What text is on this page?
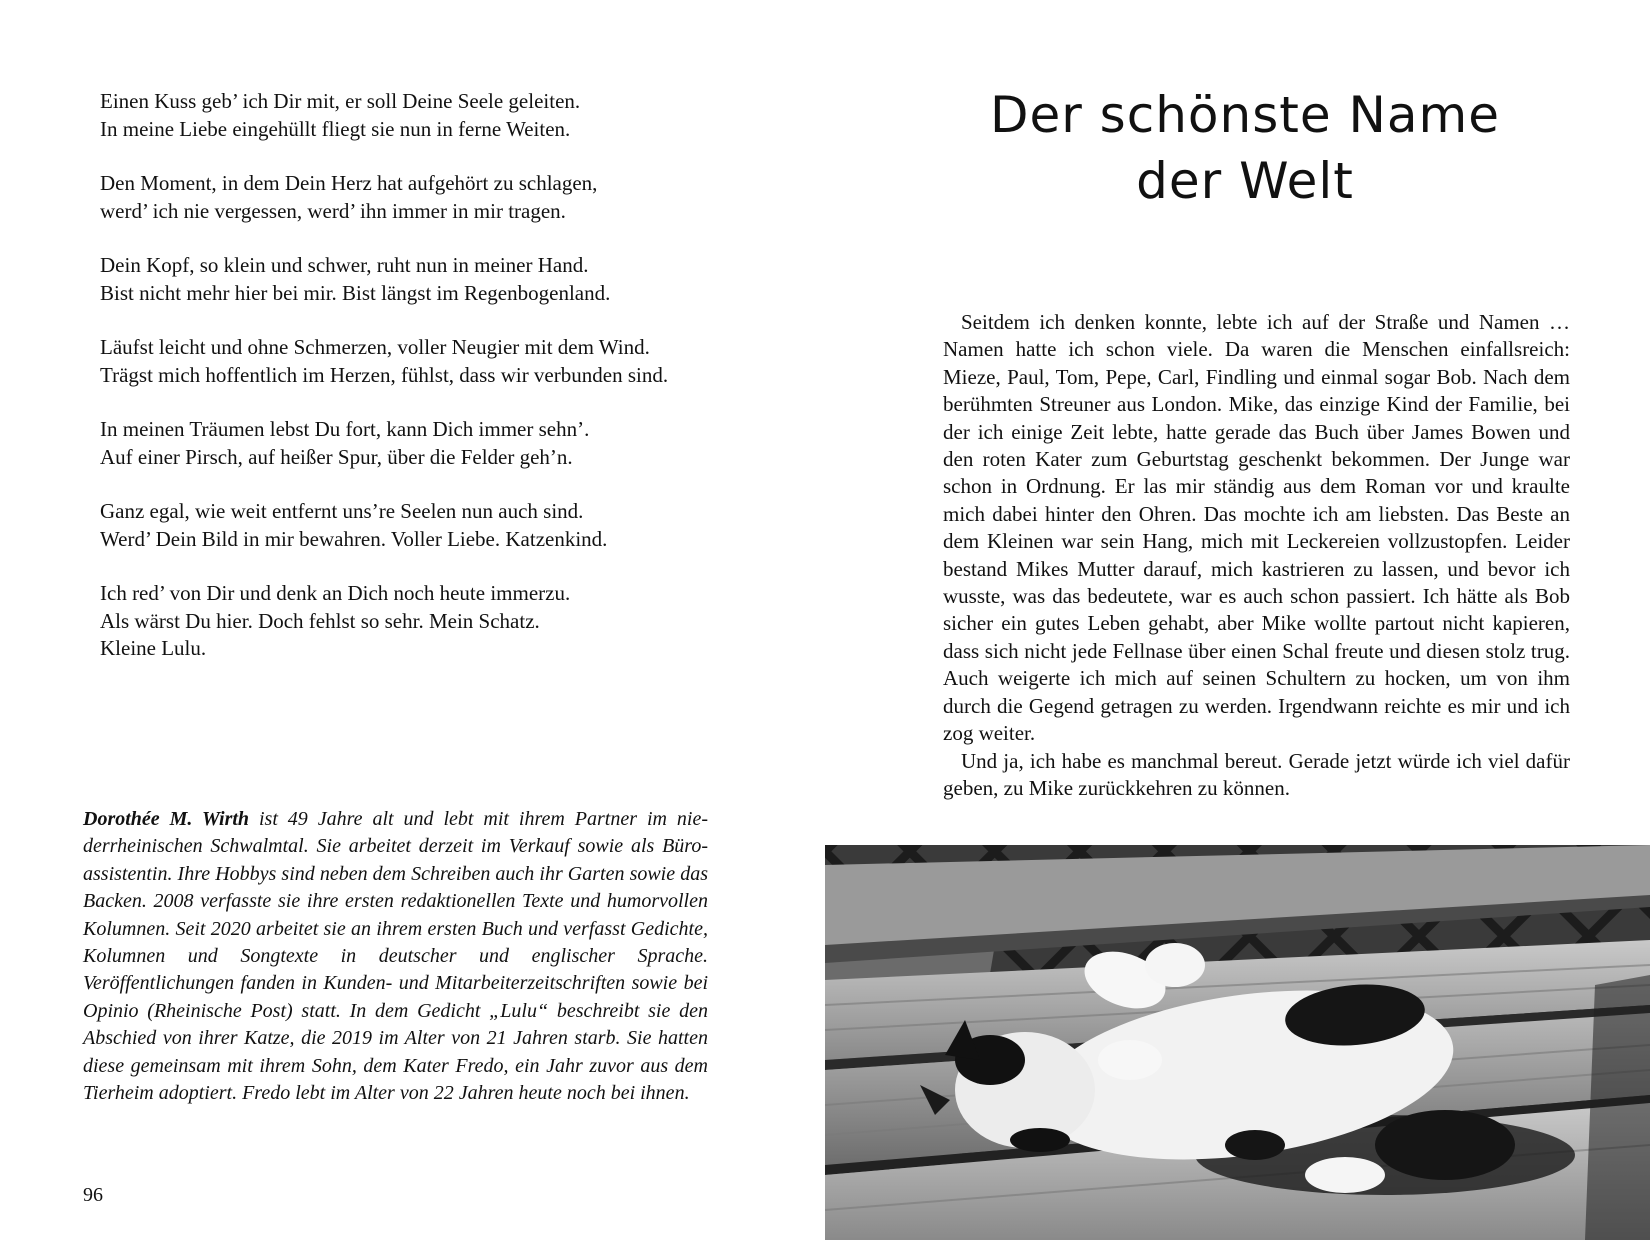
Einen Kuss geb’ ich Dir mit, er soll Deine Seele geleiten.
In meine Liebe eingehüllt fliegt sie nun in ferne Weiten.
Den Moment, in dem Dein Herz hat aufgehört zu schlagen,
werd’ ich nie vergessen, werd’ ihn immer in mir tragen.
Dein Kopf, so klein und schwer, ruht nun in meiner Hand.
Bist nicht mehr hier bei mir. Bist längst im Regenbogenland.
Läufst leicht und ohne Schmerzen, voller Neugier mit dem Wind.
Trägst mich hoffentlich im Herzen, fühlst, dass wir verbunden sind.
In meinen Träumen lebst Du fort, kann Dich immer sehn’.
Auf einer Pirsch, auf heißer Spur, über die Felder geh’n.
Ganz egal, wie weit entfernt uns’re Seelen nun auch sind.
Werd’ Dein Bild in mir bewahren. Voller Liebe. Katzenkind.
Ich red’ von Dir und denk an Dich noch heute immerzu.
Als wärst Du hier. Doch fehlst so sehr. Mein Schatz.
Kleine Lulu.
Dorothée M. Wirth ist 49 Jahre alt und lebt mit ihrem Partner im niederrheinischen Schwalmtal. Sie arbeitet derzeit im Verkauf sowie als Büroassistentin. Ihre Hobbys sind neben dem Schreiben auch ihr Garten sowie das Backen. 2008 verfasste sie ihre ersten redaktionellen Texte und humorvollen Kolumnen. Seit 2020 arbeitet sie an ihrem ersten Buch und verfasst Gedichte, Kolumnen und Songtexte in deutscher und englischer Sprache. Veröffentlichungen fanden in Kunden- und Mitarbeiterzeitschriften sowie bei Opinio (Rheinische Post) statt. In dem Gedicht „Lulu“ beschreibt sie den Abschied von ihrer Katze, die 2019 im Alter von 21 Jahren starb. Sie hatten diese gemeinsam mit ihrem Sohn, dem Kater Fredo, ein Jahr zuvor aus dem Tierheim adoptiert. Fredo lebt im Alter von 22 Jahren heute noch bei ihnen.
96
Der schönste Name
der Welt

Seitdem ich denken konnte, lebte ich auf der Straße und Namen … Namen hatte ich schon viele. Da waren die Menschen einfallsreich: Mieze, Paul, Tom, Pepe, Carl, Findling und einmal sogar Bob. Nach dem berühmten Streuner aus London. Mike, das einzige Kind der Familie, bei der ich einige Zeit lebte, hatte gerade das Buch über James Bowen und den roten Kater zum Geburtstag geschenkt bekommen. Der Junge war schon in Ordnung. Er las mir ständig aus dem Roman vor und kraulte mich dabei hinter den Ohren. Das mochte ich am liebsten. Das Beste an dem Kleinen war sein Hang, mich mit Leckereien vollzustopfen. Leider bestand Mikes Mutter darauf, mich kastrieren zu lassen, und bevor ich wusste, was das bedeutete, war es auch schon passiert. Ich hätte als Bob sicher ein gutes Leben gehabt, aber Mike wollte partout nicht kapieren, dass sich nicht jede Fellnase über einen Schal freute und diesen stolz trug. Auch weigerte ich mich auf seinen Schultern zu hocken, um von ihm durch die Gegend getragen zu werden. Irgendwann reichte es mir und ich zog weiter.

Und ja, ich habe es manchmal bereut. Gerade jetzt würde ich viel dafür geben, zu Mike zurückkehren zu können.
